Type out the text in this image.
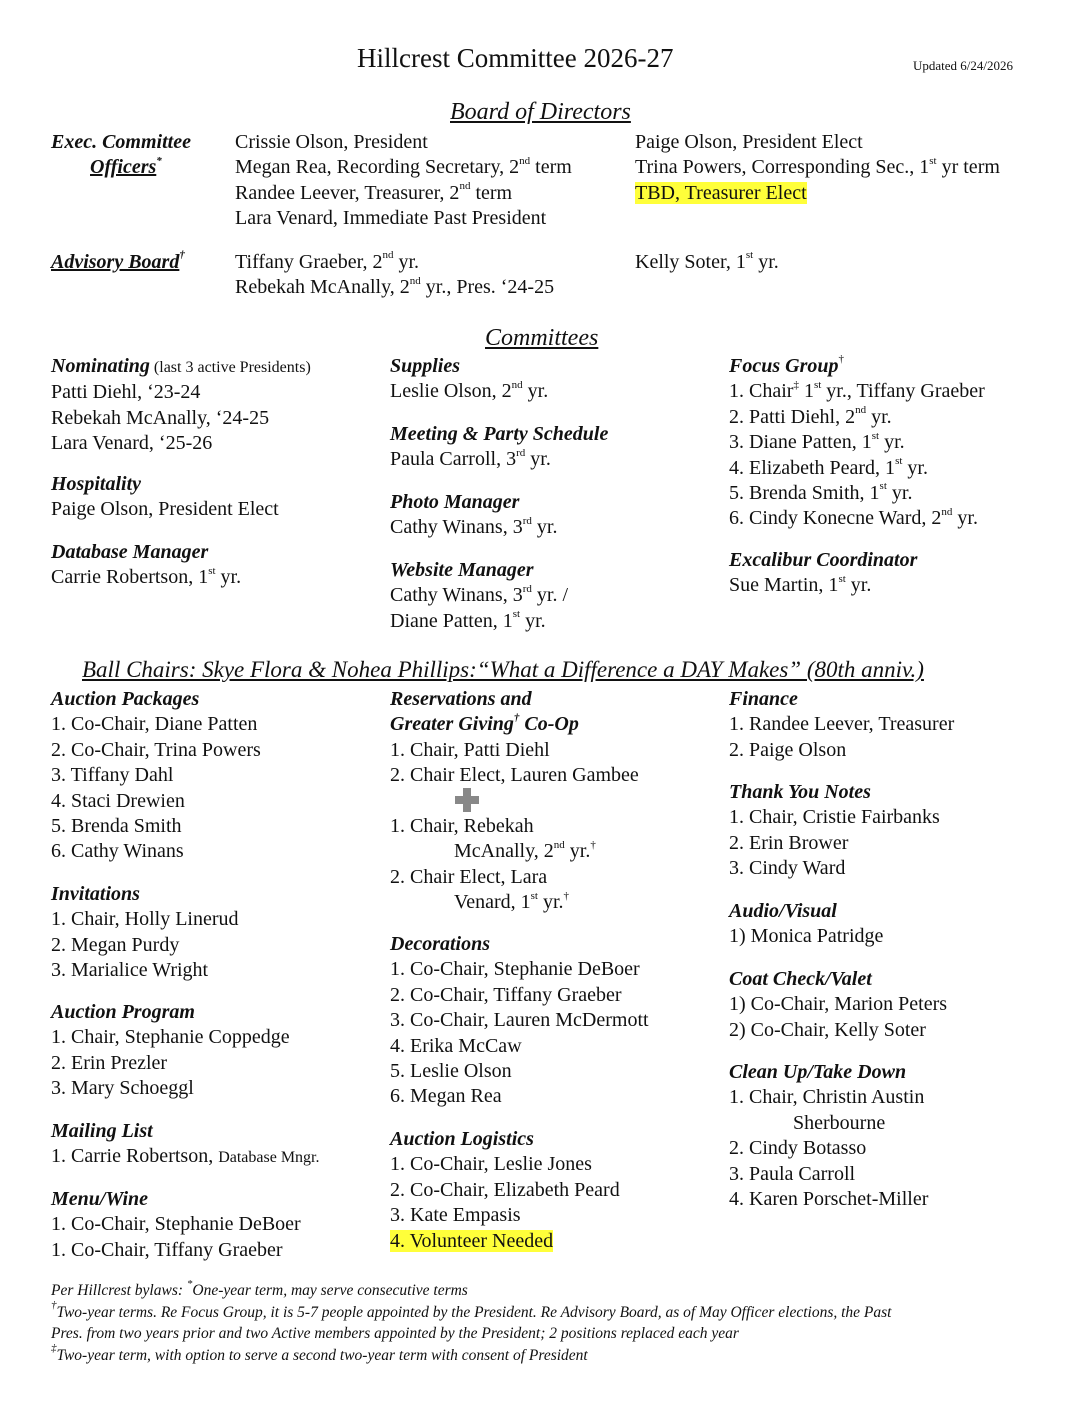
Hillcrest Committee 2026-27	Updated 6/24/2026
Board of Directors
Exec. Committee
Officers*
Crissie Olson, President
Megan Rea, Recording Secretary, 2nd term
Randee Leever, Treasurer, 2nd term
Lara Venard, Immediate Past President
Paige Olson, President Elect
Trina Powers, Corresponding Sec., 1st yr term
TBD, Treasurer Elect
Advisory Board†	Tiffany Graeber, 2nd yr.
Rebekah McAnally, 2nd yr., Pres. ‘24-25
Kelly Soter, 1st yr.
Committees
Nominating (last 3 active Presidents)
Patti Diehl, ‘23-24
Rebekah McAnally, ‘24-25
Lara Venard, ‘25-26
Hospitality
Paige Olson, President Elect
Database Manager
Carrie Robertson, 1st yr.
Supplies
Leslie Olson, 2nd yr.
Meeting & Party Schedule
Paula Carroll, 3rd yr.
Photo Manager
Cathy Winans, 3rd yr.
Website Manager
Cathy Winans, 3rd yr. /
Diane Patten, 1st yr.
Focus Group†
1. Chair‡ 1st yr., Tiffany Graeber
2. Patti Diehl, 2nd yr.
3. Diane Patten, 1st yr.
4. Elizabeth Peard, 1st yr.
5. Brenda Smith, 1st yr.
6. Cindy Konecne Ward, 2nd yr.
Excalibur Coordinator
Sue Martin, 1st yr.
Ball Chairs: Skye Flora & Nohea Phillips:“What a Difference a DAY Makes” (80th anniv.)
Auction Packages
1. Co-Chair, Diane Patten
2. Co-Chair, Trina Powers
3. Tiffany Dahl
4. Staci Drewien
5. Brenda Smith
6. Cathy Winans
Invitations
1. Chair, Holly Linerud
2. Megan Purdy
3. Marialice Wright
Auction Program
1. Chair, Stephanie Coppedge
2. Erin Prezler
3. Mary Schoeggl
Mailing List
1. Carrie Robertson, Database Mngr.
Menu/Wine
1. Co-Chair, Stephanie DeBoer
1. Co-Chair, Tiffany Graeber
Reservations and
Greater Giving† Co-Op
1. Chair, Patti Diehl
2. Chair Elect, Lauren Gambee
1. Chair, Rebekah
McAnally, 2nd yr.†
2. Chair Elect, Lara
Venard, 1st yr.†
Decorations
1. Co-Chair, Stephanie DeBoer
2. Co-Chair, Tiffany Graeber
3. Co-Chair, Lauren McDermott
4. Erika McCaw
5. Leslie Olson
6. Megan Rea
Auction Logistics
1. Co-Chair, Leslie Jones
2. Co-Chair, Elizabeth Peard
3. Kate Empasis
4. Volunteer Needed
Finance
1. Randee Leever, Treasurer
2. Paige Olson
Thank You Notes
1. Chair, Cristie Fairbanks
2. Erin Brower
3. Cindy Ward
Audio/Visual
1) Monica Patridge
Coat Check/Valet
1) Co-Chair, Marion Peters
2) Co-Chair, Kelly Soter
Clean Up/Take Down
1. Chair, Christin Austin
Sherbourne
2. Cindy Botasso
3. Paula Carroll
4. Karen Porschet-Miller
Per Hillcrest bylaws: *One-year term, may serve consecutive terms
†Two-year terms. Re Focus Group, it is 5-7 people appointed by the President. Re Advisory Board, as of May Officer elections, the Past
Pres. from two years prior and two Active members appointed by the President; 2 positions replaced each year
‡Two-year term, with option to serve a second two-year term with consent of President
